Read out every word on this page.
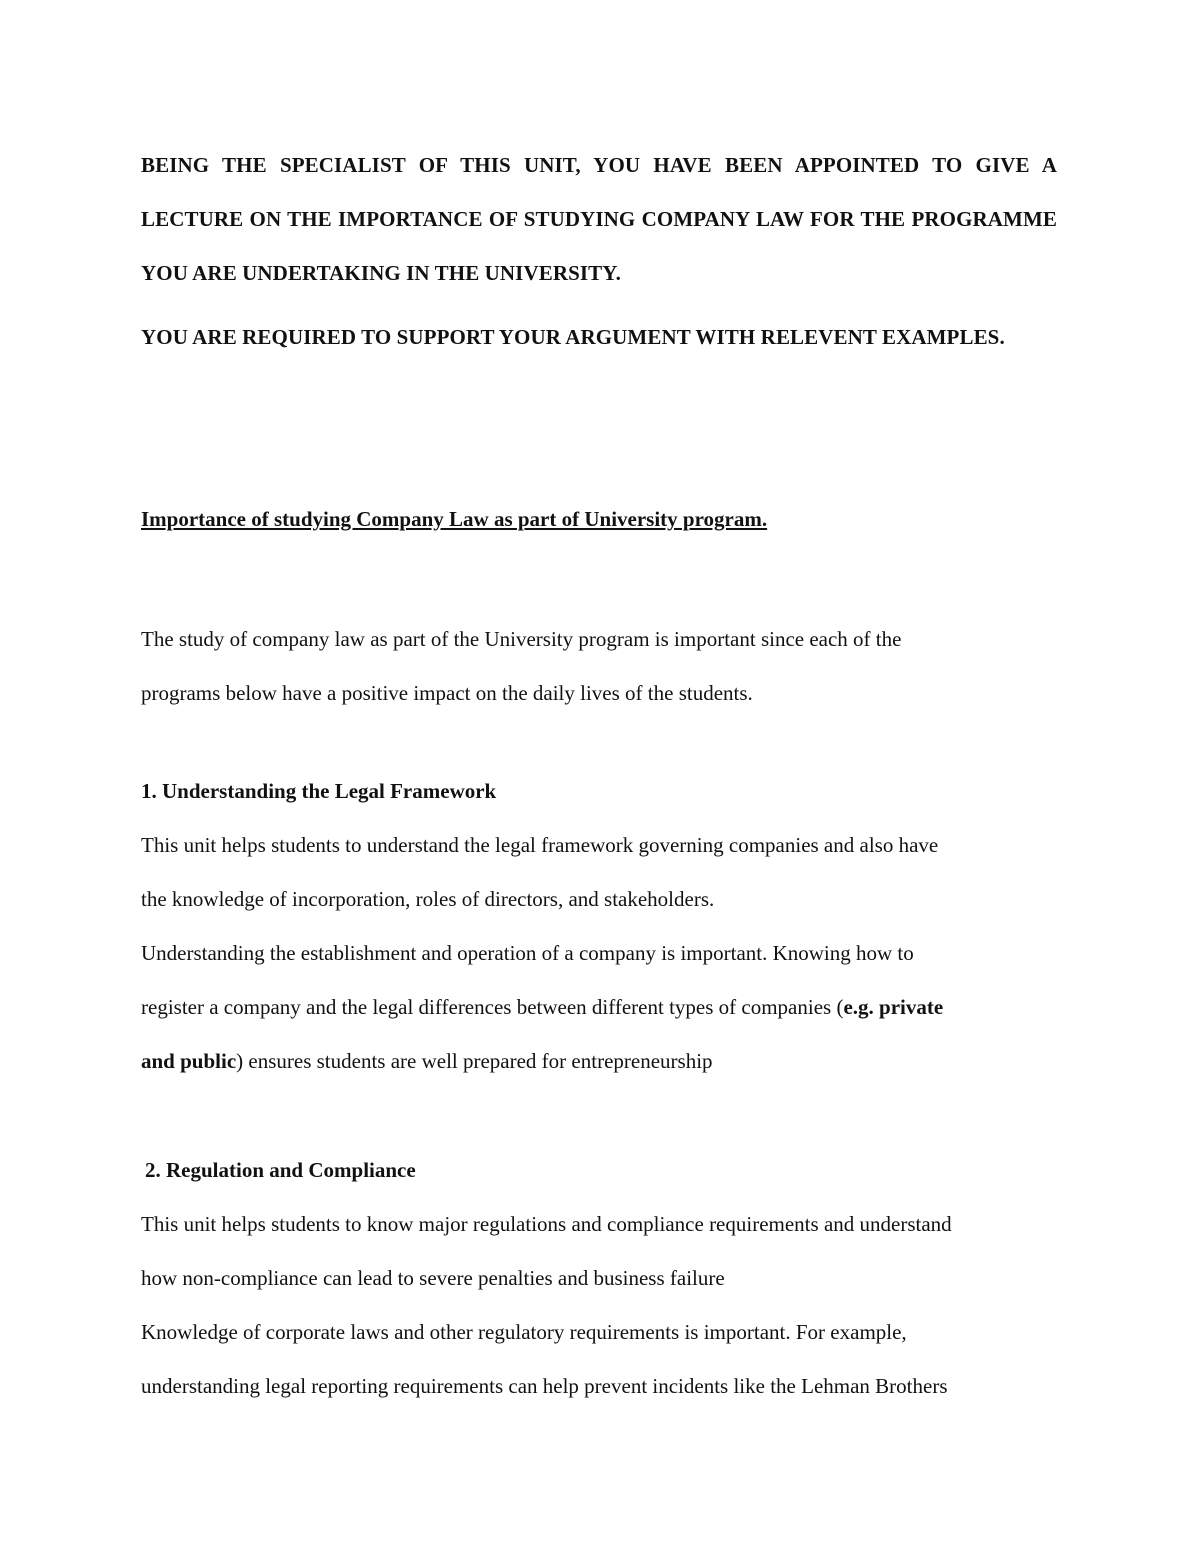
BEING THE SPECIALIST OF THIS UNIT, YOU HAVE BEEN APPOINTED TO GIVE A LECTURE ON THE IMPORTANCE OF STUDYING COMPANY LAW FOR THE PROGRAMME YOU ARE UNDERTAKING IN THE UNIVERSITY.

YOU ARE REQUIRED TO SUPPORT YOUR ARGUMENT WITH RELEVENT EXAMPLES.

Importance of studying Company Law as part of University program.

The study of company law as part of the University program is important since each of the
programs below have a positive impact on the daily lives of the students.
1. Understanding the Legal Framework
This unit helps students to understand the legal framework governing companies and also have
the knowledge of incorporation, roles of directors, and stakeholders.
Understanding the establishment and operation of a company is important. Knowing how to
register a company and the legal differences between different types of companies (e.g. private
and public) ensures students are well prepared for entrepreneurship
2. Regulation and Compliance
This unit helps students to know major regulations and compliance requirements and understand
how non-compliance can lead to severe penalties and business failure
Knowledge of corporate laws and other regulatory requirements is important. For example,
understanding legal reporting requirements can help prevent incidents like the Lehman Brothers
